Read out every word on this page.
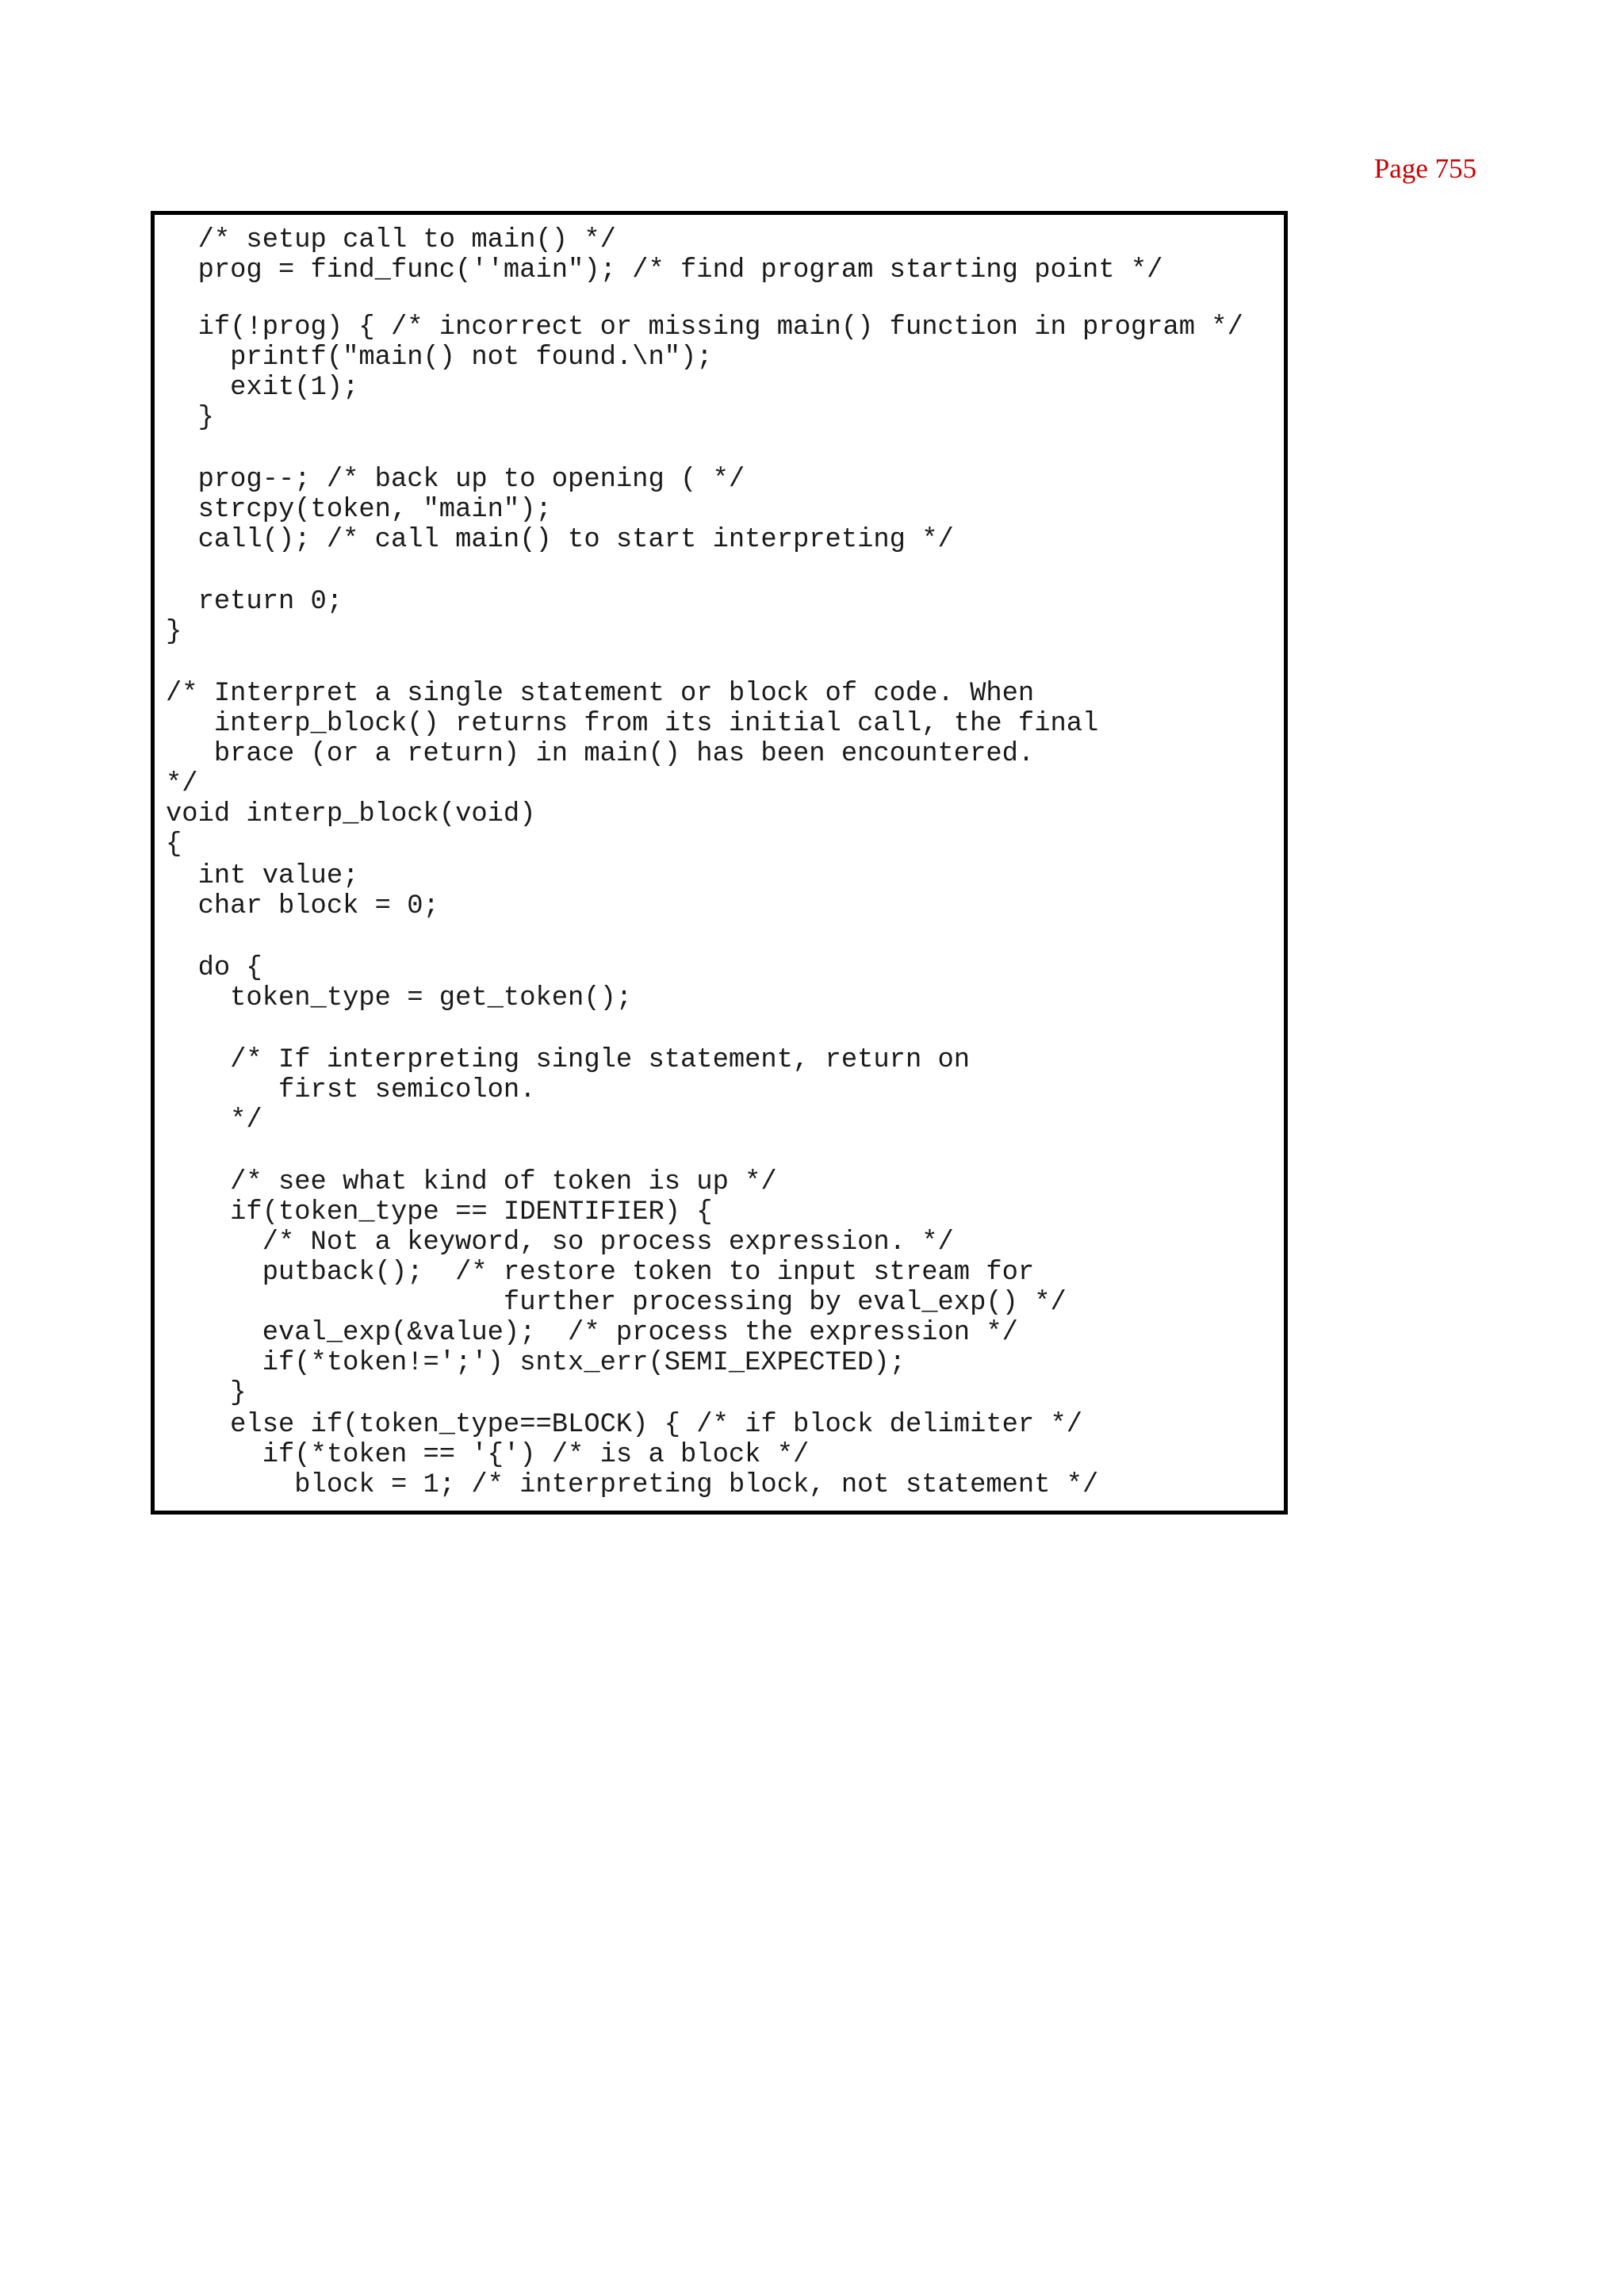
Page 755
/* setup call to main() */
prog = find_func(''main"); /* find program starting point */
if(!prog) { /* incorrect or missing main() function in program */
printf("main() not found.\n");
exit(1);
}
prog--; /* back up to opening ( */
strcpy(token, "main");
call(); /* call main() to start interpreting */
return 0;
}
/* Interpret a single statement or block of code. When
interp_block() returns from its initial call, the final
brace (or a return) in main() has been encountered.
*/
void interp_block(void)
{
int value;
char block = 0;
do {
token_type = get_token();
/* If interpreting single statement, return on
first semicolon.
*/
/* see what kind of token is up */
if(token_type == IDENTIFIER) {
/* Not a keyword, so process expression. */
putback();  /* restore token to input stream for
further processing by eval_exp() */
eval_exp(&value);  /* process the expression */
if(*token!=';') sntx_err(SEMI_EXPECTED);
}
else if(token_type==BLOCK) { /* if block delimiter */
if(*token == '{') /* is a block */
block = 1; /* interpreting block, not statement */
